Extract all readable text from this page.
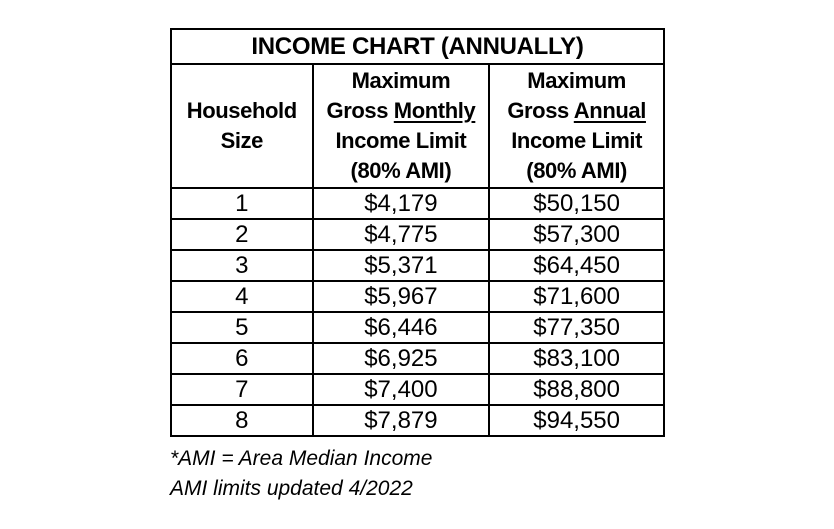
INCOME CHART (ANNUALLY)		

Household
Size	Maximum
Gross Monthly
Income Limit
(80% AMI)	Maximum
Gross Annual
Income Limit
(80% AMI)

1	$4,179	$50,150
2	$4,775	$57,300
3	$5,371	$64,450
4	$5,967	$71,600
5	$6,446	$77,350
6	$6,925	$83,100
7	$7,400	$88,800
8	$7,879	$94,550
*AMI = Area Median Income
AMI limits updated 4/2022
